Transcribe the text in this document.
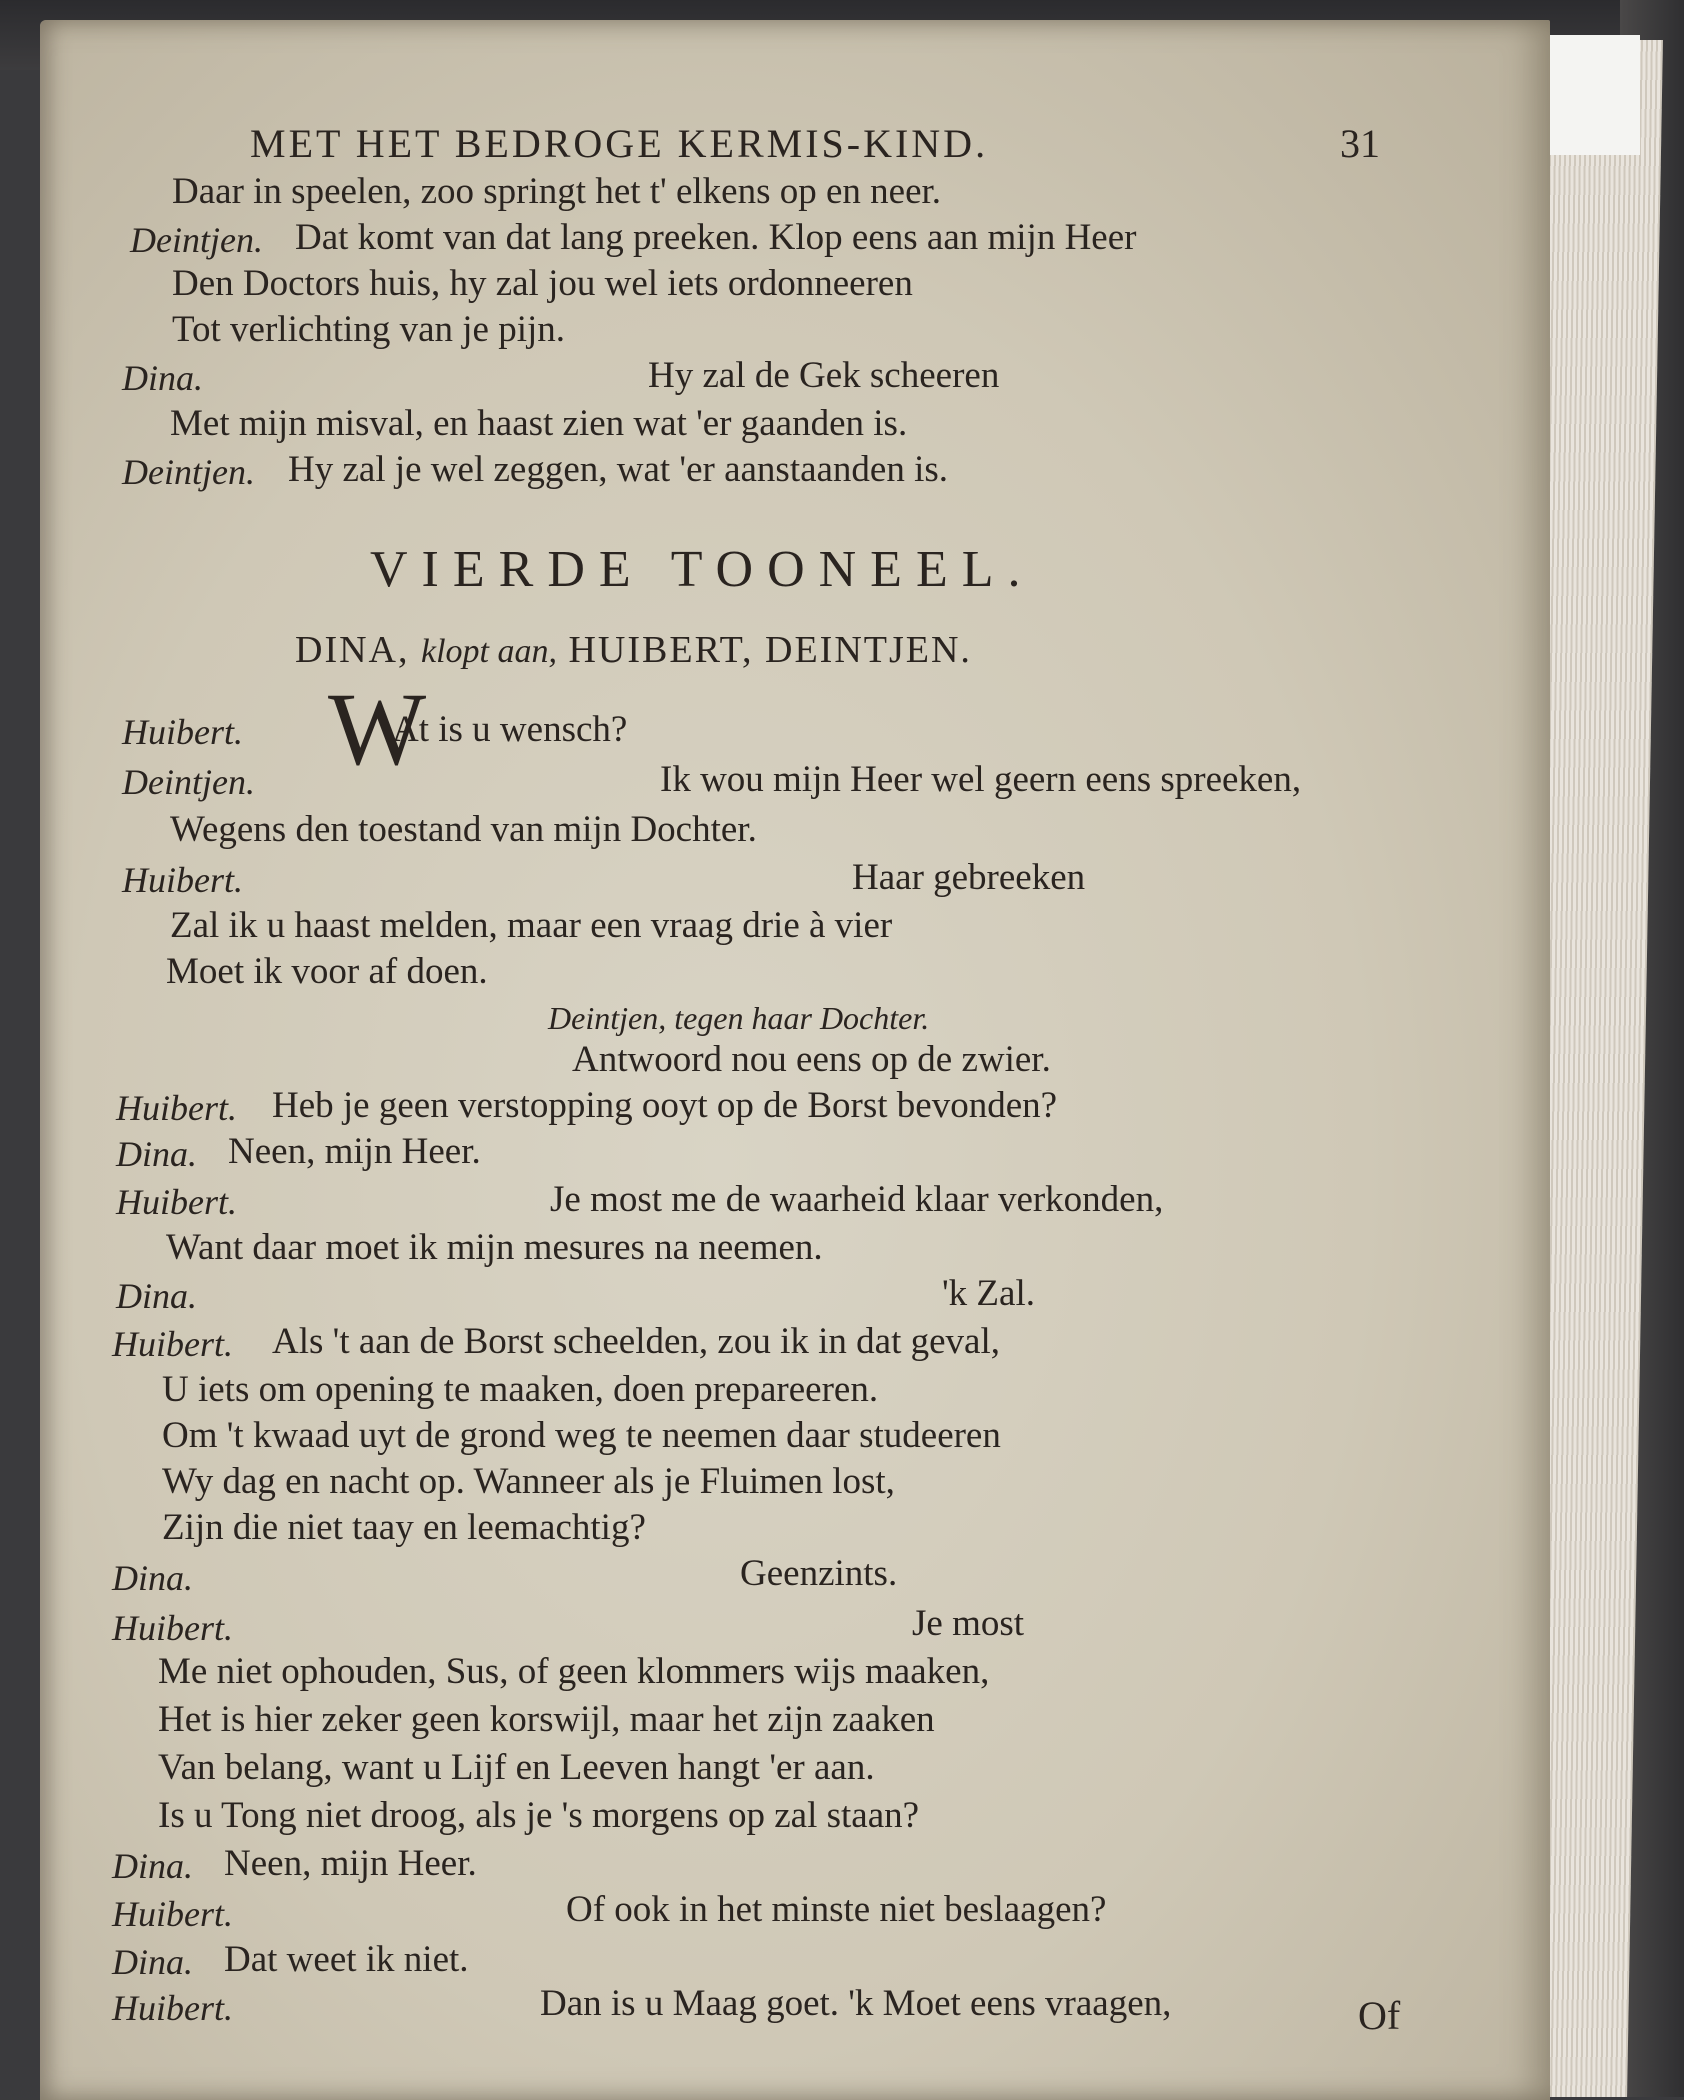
MET HET BEDROGE KERMIS-KIND.	31
Daar in speelen, zoo springt het t' elkens op en neer.
Deintjen. Dat komt van dat lang preeken. Klop eens aan mijn Heer
Den Doctors huis, hy zal jou wel iets ordonneeren
Tot verlichting van je pijn.
Dina.	Hy zal de Gek scheeren
Met mijn misval, en haast zien wat 'er gaanden is.
Deintjen. Hy zal je wel zeggen, wat 'er aanstaanden is.
VIERDE TOONEEL.
DINA, klopt aan, HUIBERT, DEINTJEN.
Huibert. W
At is u wensch?
Deintjen.	Ik wou mijn Heer wel geern eens spreeken,
Wegens den toestand van mijn Dochter.
Huibert.	Haar gebreeken
Zal ik u haast melden, maar een vraag drie à vier
Moet ik voor af doen.
Deintjen, tegen haar Dochter.
Antwoord nou eens op de zwier.
Huibert. Heb je geen verstopping ooyt op de Borst bevonden?
Dina. Neen, mijn Heer.
Huibert.	Je most me de waarheid klaar verkonden,
Want daar moet ik mijn mesures na neemen.
Dina.	'k Zal.
Huibert. Als 't aan de Borst scheelden, zou ik in dat geval,
U iets om opening te maaken, doen prepareeren.
Om 't kwaad uyt de grond weg te neemen daar studeeren
Wy dag en nacht op. Wanneer als je Fluimen lost,
Zijn die niet taay en leemachtig?
Dina.	Geenzints.
Huibert.	Je most
Me niet ophouden, Sus, of geen klommers wijs maaken,
Het is hier zeker geen korswijl, maar het zijn zaaken
Van belang, want u Lijf en Leeven hangt 'er aan.
Is u Tong niet droog, als je 's morgens op zal staan?
Dina. Neen, mijn Heer.
Huibert.	Of ook in het minste niet beslaagen?
Dina. Dat weet ik niet.
Huibert.	Dan is u Maag goet. 'k Moet eens vraagen,	Of
